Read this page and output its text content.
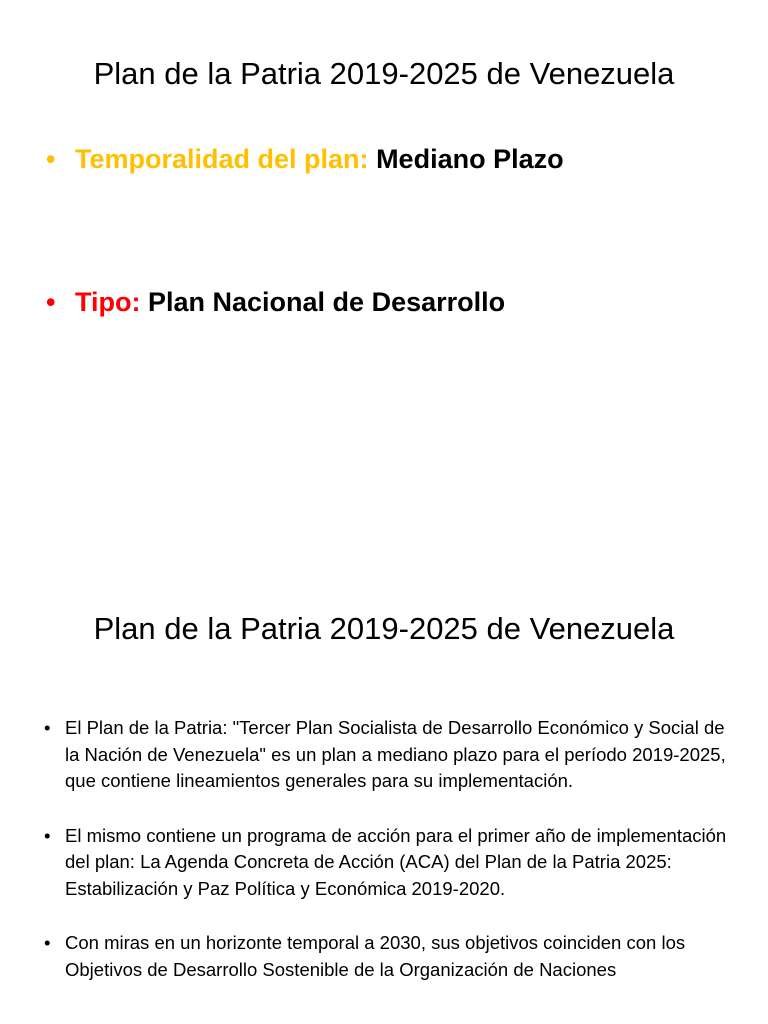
Plan de la Patria 2019-2025 de Venezuela
• Temporalidad del plan: Mediano Plazo
• Tipo: Plan Nacional de Desarrollo
Plan de la Patria 2019-2025 de Venezuela
• El Plan de la Patria: "Tercer Plan Socialista de Desarrollo Económico y Social de la Nación de Venezuela" es un plan a mediano plazo para el período 2019-2025, que contiene lineamientos generales para su implementación.
• El mismo contiene un programa de acción para el primer año de implementación del plan: La Agenda Concreta de Acción (ACA) del Plan de la Patria 2025: Estabilización y Paz Política y Económica 2019-2020.
• Con miras en un horizonte temporal a 2030, sus objetivos coinciden con los Objetivos de Desarrollo Sostenible de la Organización de Naciones
